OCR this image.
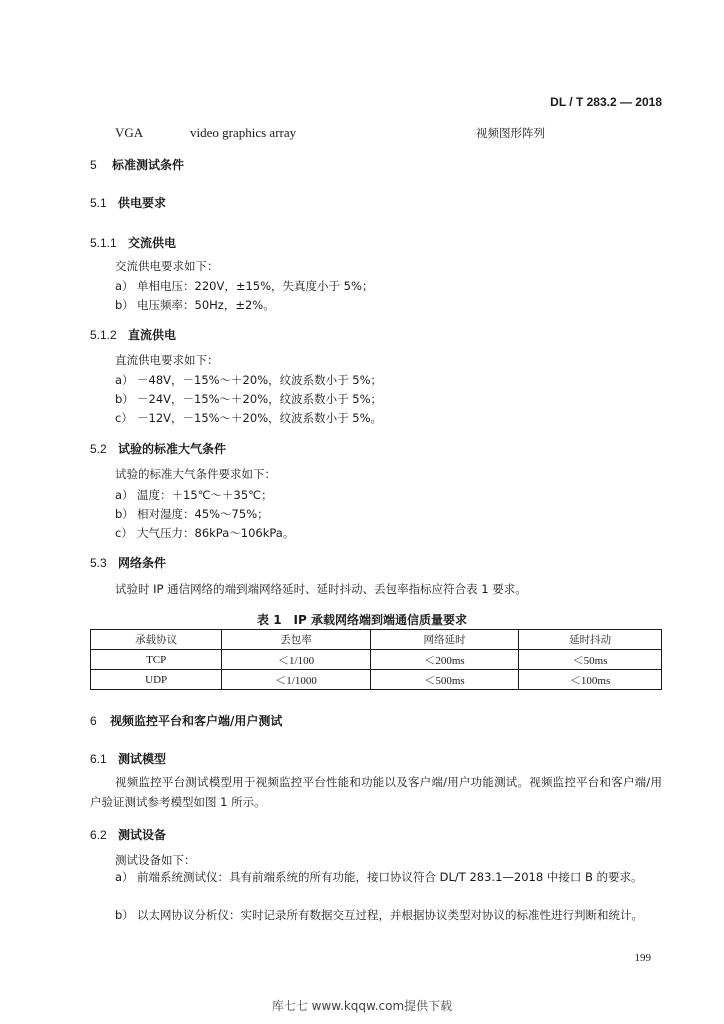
DL / T 283.2 — 2018
VGA	video graphics array	视频图形阵列
5 标准测试条件
5.1 供电要求
5.1.1 交流供电
交流供电要求如下：
a） 单相电压：220V，±15%，失真度小于 5%；
b） 电压频率：50Hz，±2%。
5.1.2 直流供电
直流供电要求如下：
a） －48V，－15%～＋20%，纹波系数小于 5%；
b） －24V，－15%～＋20%，纹波系数小于 5%；
c） －12V，－15%～＋20%，纹波系数小于 5%。
5.2 试验的标准大气条件
试验的标准大气条件要求如下：
a） 温度：＋15℃～＋35℃；
b） 相对湿度：45%～75%；
c） 大气压力：86kPa～106kPa。
5.3 网络条件
试验时 IP 通信网络的端到端网络延时、延时抖动、丢包率指标应符合表 1 要求。
表 1　IP 承载网络端到端通信质量要求
承载协议	丢包率	网络延时	延时抖动
TCP	＜1/100	＜200ms	＜50ms
UDP	＜1/1000	＜500ms	＜100ms
6 视频监控平台和客户端/用户测试
6.1 测试模型
视频监控平台测试模型用于视频监控平台性能和功能以及客户端/用户功能测试。视频监控平台和客户端/用户验证测试参考模型如图 1 所示。
6.2 测试设备
测试设备如下：
a） 前端系统测试仪：具有前端系统的所有功能，接口协议符合 DL/T 283.1—2018 中接口 B 的要求。
b） 以太网协议分析仪：实时记录所有数据交互过程，并根据协议类型对协议的标准性进行判断和统计。
199
库七七 www.kqqw.com提供下载
